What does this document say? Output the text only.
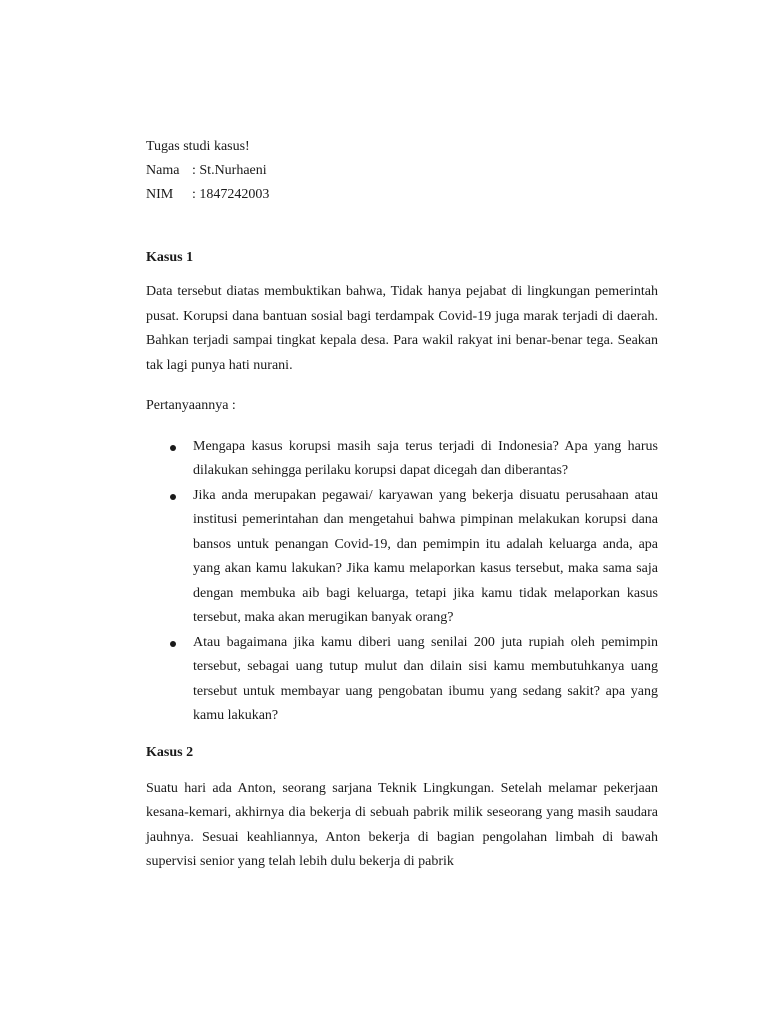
Tugas studi kasus!
Nama : St.Nurhaeni
NIM : 1847242003
Kasus 1

Data tersebut diatas membuktikan bahwa, Tidak hanya pejabat di lingkungan pemerintah pusat. Korupsi dana bantuan sosial bagi terdampak Covid-19 juga marak terjadi di daerah. Bahkan terjadi sampai tingkat kepala desa. Para wakil rakyat ini benar-benar tega. Seakan tak lagi punya hati nurani.

Pertanyaannya :

Mengapa kasus korupsi masih saja terus terjadi di Indonesia? Apa yang harus dilakukan sehingga perilaku korupsi dapat dicegah dan diberantas?
Jika anda merupakan pegawai/ karyawan yang bekerja disuatu perusahaan atau institusi pemerintahan dan mengetahui bahwa pimpinan melakukan korupsi dana bansos untuk penangan Covid-19, dan pemimpin itu adalah keluarga anda, apa yang akan kamu lakukan? Jika kamu melaporkan kasus tersebut, maka sama saja dengan membuka aib bagi keluarga, tetapi jika kamu tidak melaporkan kasus tersebut, maka akan merugikan banyak orang?
Atau bagaimana jika kamu diberi uang senilai 200 juta rupiah oleh pemimpin tersebut, sebagai uang tutup mulut dan dilain sisi kamu membutuhkanya uang tersebut untuk membayar uang pengobatan ibumu yang sedang sakit? apa yang kamu lakukan?
Kasus 2

Suatu hari ada Anton, seorang sarjana Teknik Lingkungan. Setelah melamar pekerjaan kesana-kemari, akhirnya dia bekerja di sebuah pabrik milik seseorang yang masih saudara jauhnya. Sesuai keahliannya, Anton bekerja di bagian pengolahan limbah di bawah supervisi senior yang telah lebih dulu bekerja di pabrik
